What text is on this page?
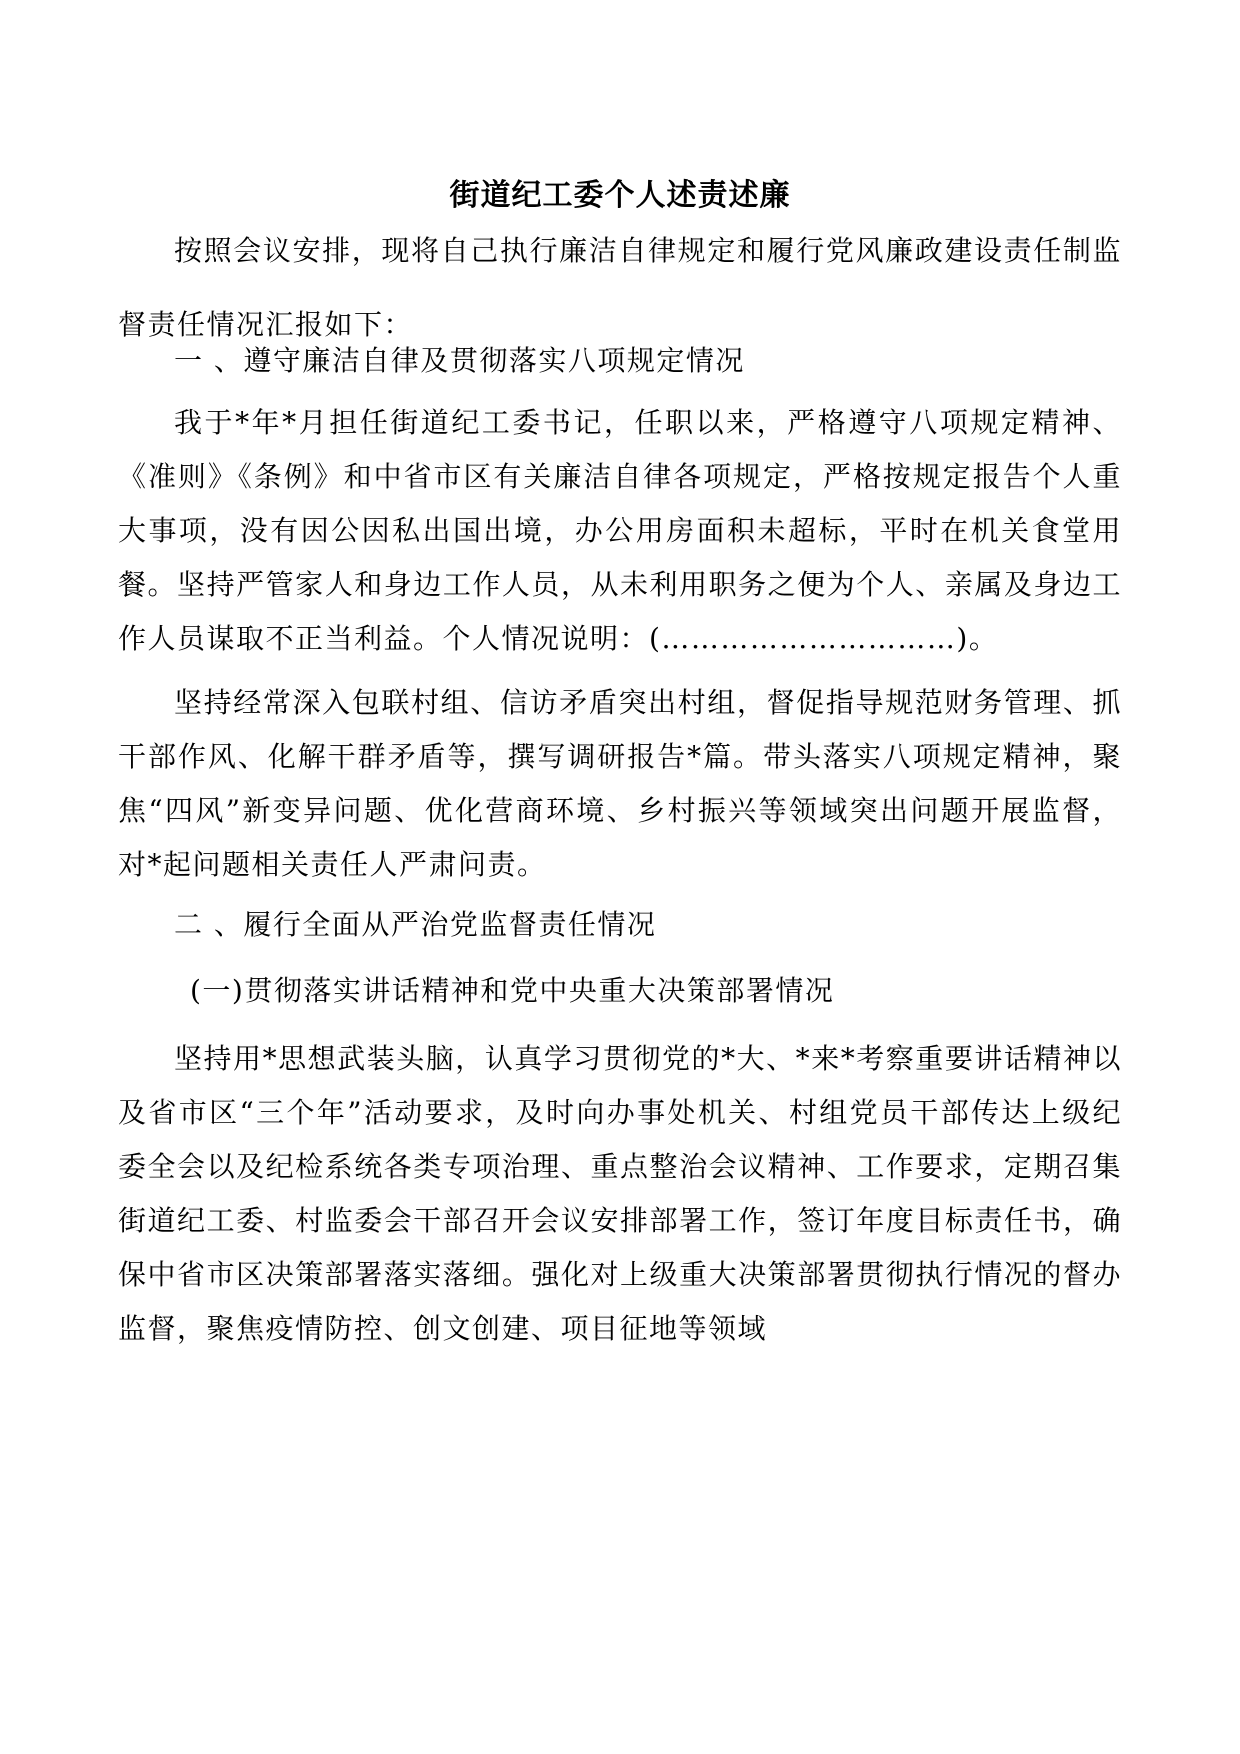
街道纪工委个人述责述廉

按照会议安排，现将自己执行廉洁自律规定和履行党风廉政建设责任制监督责任情况汇报如下：

一 、遵守廉洁自律及贯彻落实八项规定情况

我于*年*月担任街道纪工委书记，任职以来，严格遵守八项规定精神、《准则》《条例》和中省市区有关廉洁自律各项规定，严格按规定报告个人重大事项，没有因公因私出国出境，办公用房面积未超标，平时在机关食堂用餐。坚持严管家人和身边工作人员，从未利用职务之便为个人、亲属及身边工作人员谋取不正当利益。个人情况说明：(…………………………)。

坚持经常深入包联村组、信访矛盾突出村组，督促指导规范财务管理、抓干部作风、化解干群矛盾等，撰写调研报告*篇。带头落实八项规定精神，聚焦“四风”新变异问题、优化营商环境、乡村振兴等领域突出问题开展监督，对*起问题相关责任人严肃问责。

二 、履行全面从严治党监督责任情况

(一)贯彻落实讲话精神和党中央重大决策部署情况

坚持用*思想武装头脑，认真学习贯彻党的*大、*来*考察重要讲话精神以及省市区“三个年”活动要求，及时向办事处机关、村组党员干部传达上级纪委全会以及纪检系统各类专项治理、重点整治会议精神、工作要求，定期召集街道纪工委、村监委会干部召开会议安排部署工作，签订年度目标责任书，确保中省市区决策部署落实落细。强化对上级重大决策部署贯彻执行情况的督办监督，聚焦疫情防控、创文创建、项目征地等领域
